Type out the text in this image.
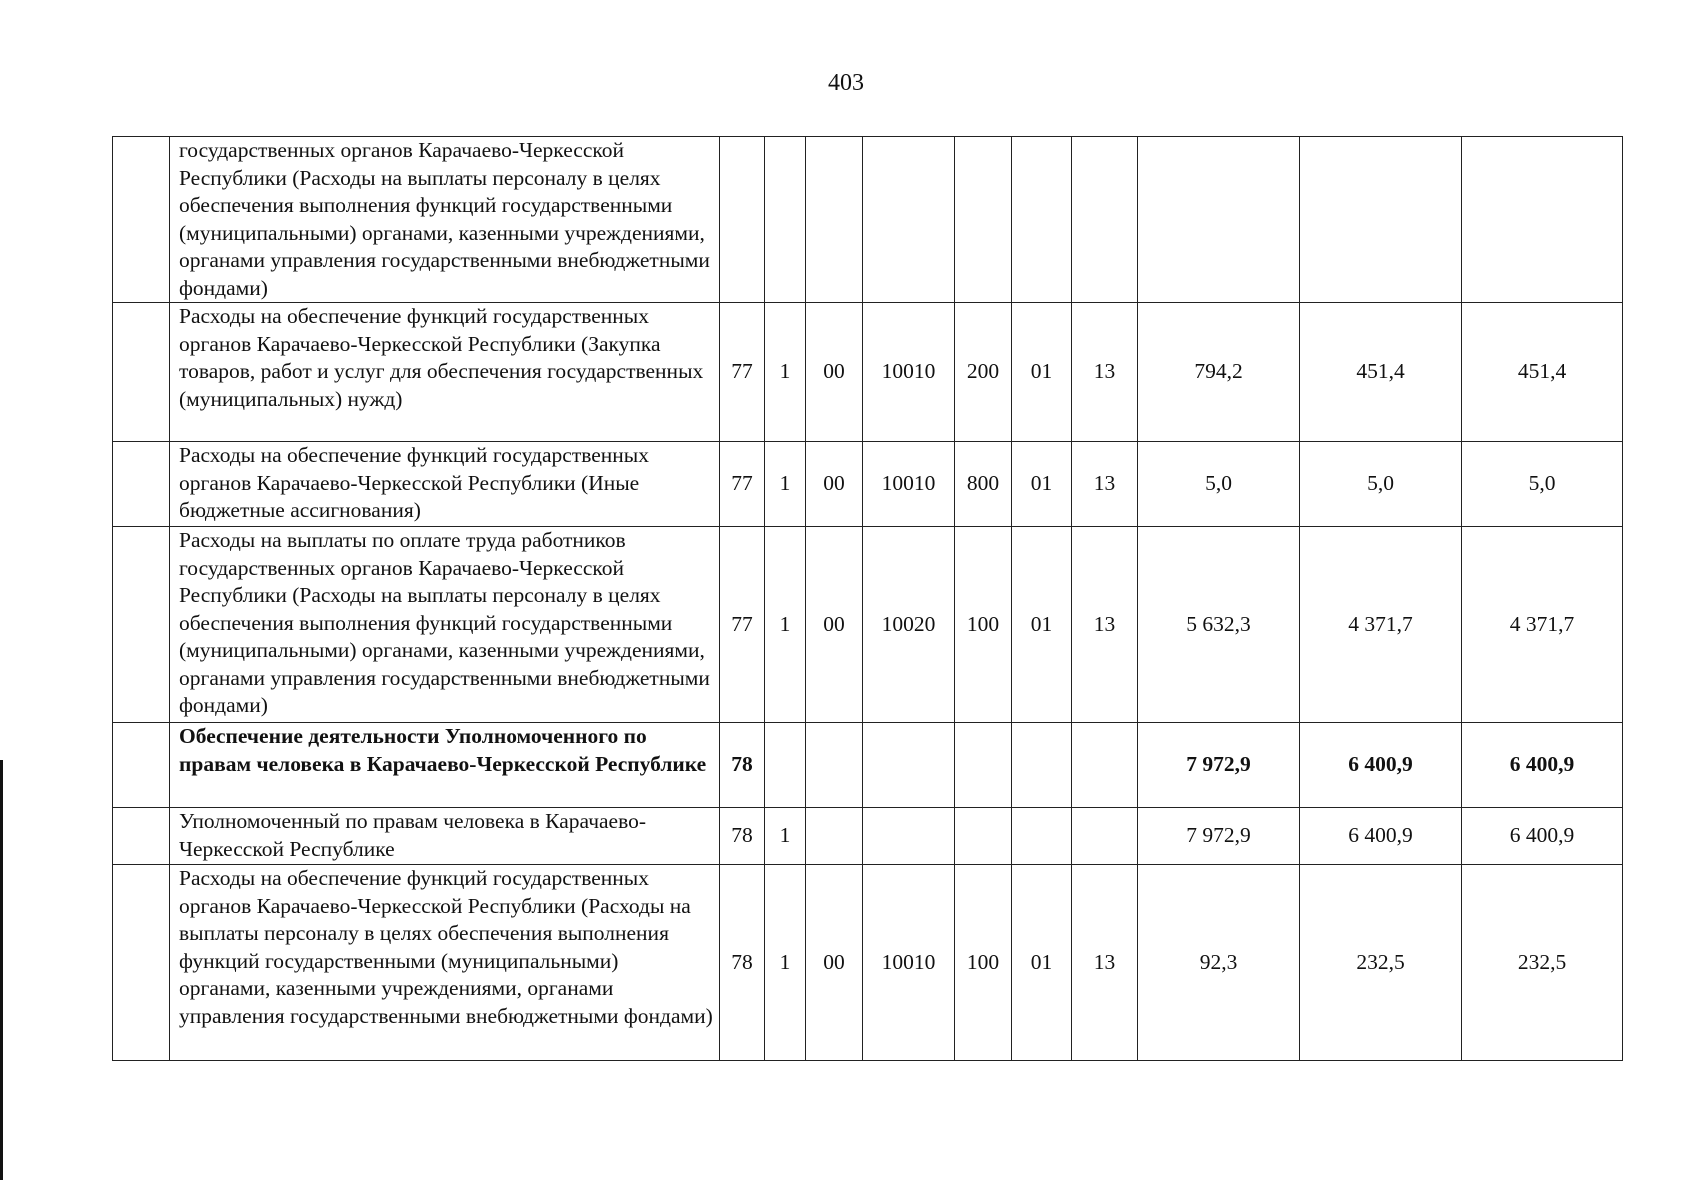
403
	государственных органов Карачаево-Черкесской Республики (Расходы на выплаты персоналу в целях обеспечения выполнения функций государственными (муниципальными) органами, казенными учреждениями, органами управления государственными внебюджетными фондами)										
	Расходы на обеспечение функций государственных органов Карачаево-Черкесской Республики (Закупка товаров, работ и услуг для обеспечения государственных (муниципальных) нужд)	77	1	00	10010	200	01	13	794,2	451,4	451,4
	Расходы на обеспечение функций государственных органов Карачаево-Черкесской Республики (Иные бюджетные ассигнования)	77	1	00	10010	800	01	13	5,0	5,0	5,0
	Расходы на выплаты по оплате труда работников государственных органов Карачаево-Черкесской Республики (Расходы на выплаты персоналу в целях обеспечения выполнения функций государственными (муниципальными) органами, казенными учреждениями, органами управления государственными внебюджетными фондами)	77	1	00	10020	100	01	13	5 632,3	4 371,7	4 371,7
	Обеспечение деятельности Уполномоченного по правам человека в Карачаево-Черкесской Республике	78							7 972,9	6 400,9	6 400,9
	Уполномоченный по правам человека в Карачаево-Черкесской Республике	78	1						7 972,9	6 400,9	6 400,9
	Расходы на обеспечение функций государственных органов Карачаево-Черкесской Республики (Расходы на выплаты персоналу в целях обеспечения выполнения функций государственными (муниципальными) органами, казенными учреждениями, органами управления государственными внебюджетными фондами)	78	1	00	10010	100	01	13	92,3	232,5	232,5
